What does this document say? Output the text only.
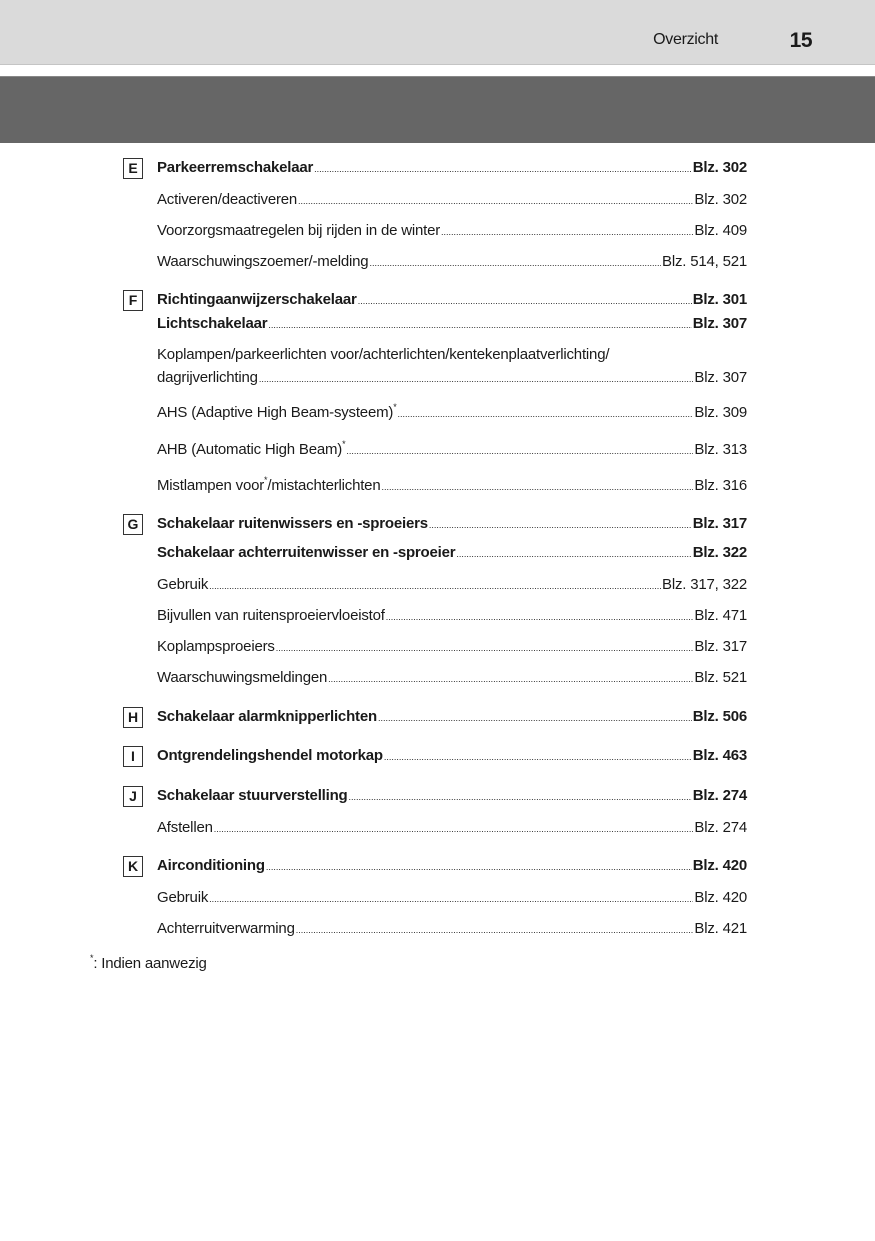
Overzicht	15
E	Parkeerremschakelaar .....	Blz. 302
Activeren/deactiveren .....	Blz. 302
Voorzorgsmaatregelen bij rijden in de winter .....	Blz. 409
Waarschuwingszoemer/-melding .....	Blz. 514, 521
F	Richtingaanwijzerschakelaar .....	Blz. 301
Lichtschakelaar .....	Blz. 307
Koplampen/parkeerlichten voor/achterlichten/kentekenplaatverlichting/
dagrijverlichting .....	Blz. 307
AHS (Adaptive High Beam-systeem)* .....	Blz. 309
AHB (Automatic High Beam)* .....	Blz. 313
Mistlampen voor*/mistachterlichten .....	Blz. 316
G	Schakelaar ruitenwissers en -sproeiers .....	Blz. 317
Schakelaar achterruitenwisser en -sproeier .....	Blz. 322
Gebruik .....	Blz. 317, 322
Bijvullen van ruitensproeiervloeistof .....	Blz. 471
Koplampsproeiers .....	Blz. 317
Waarschuwingsmeldingen .....	Blz. 521
H	Schakelaar alarmknipperlichten .....	Blz. 506
I	Ontgrendelingshendel motorkap .....	Blz. 463
J	Schakelaar stuurverstelling .....	Blz. 274
Afstellen .....	Blz. 274
K	Airconditioning .....	Blz. 420
Gebruik .....	Blz. 420
Achterruitverwarming .....	Blz. 421
*: Indien aanwezig
